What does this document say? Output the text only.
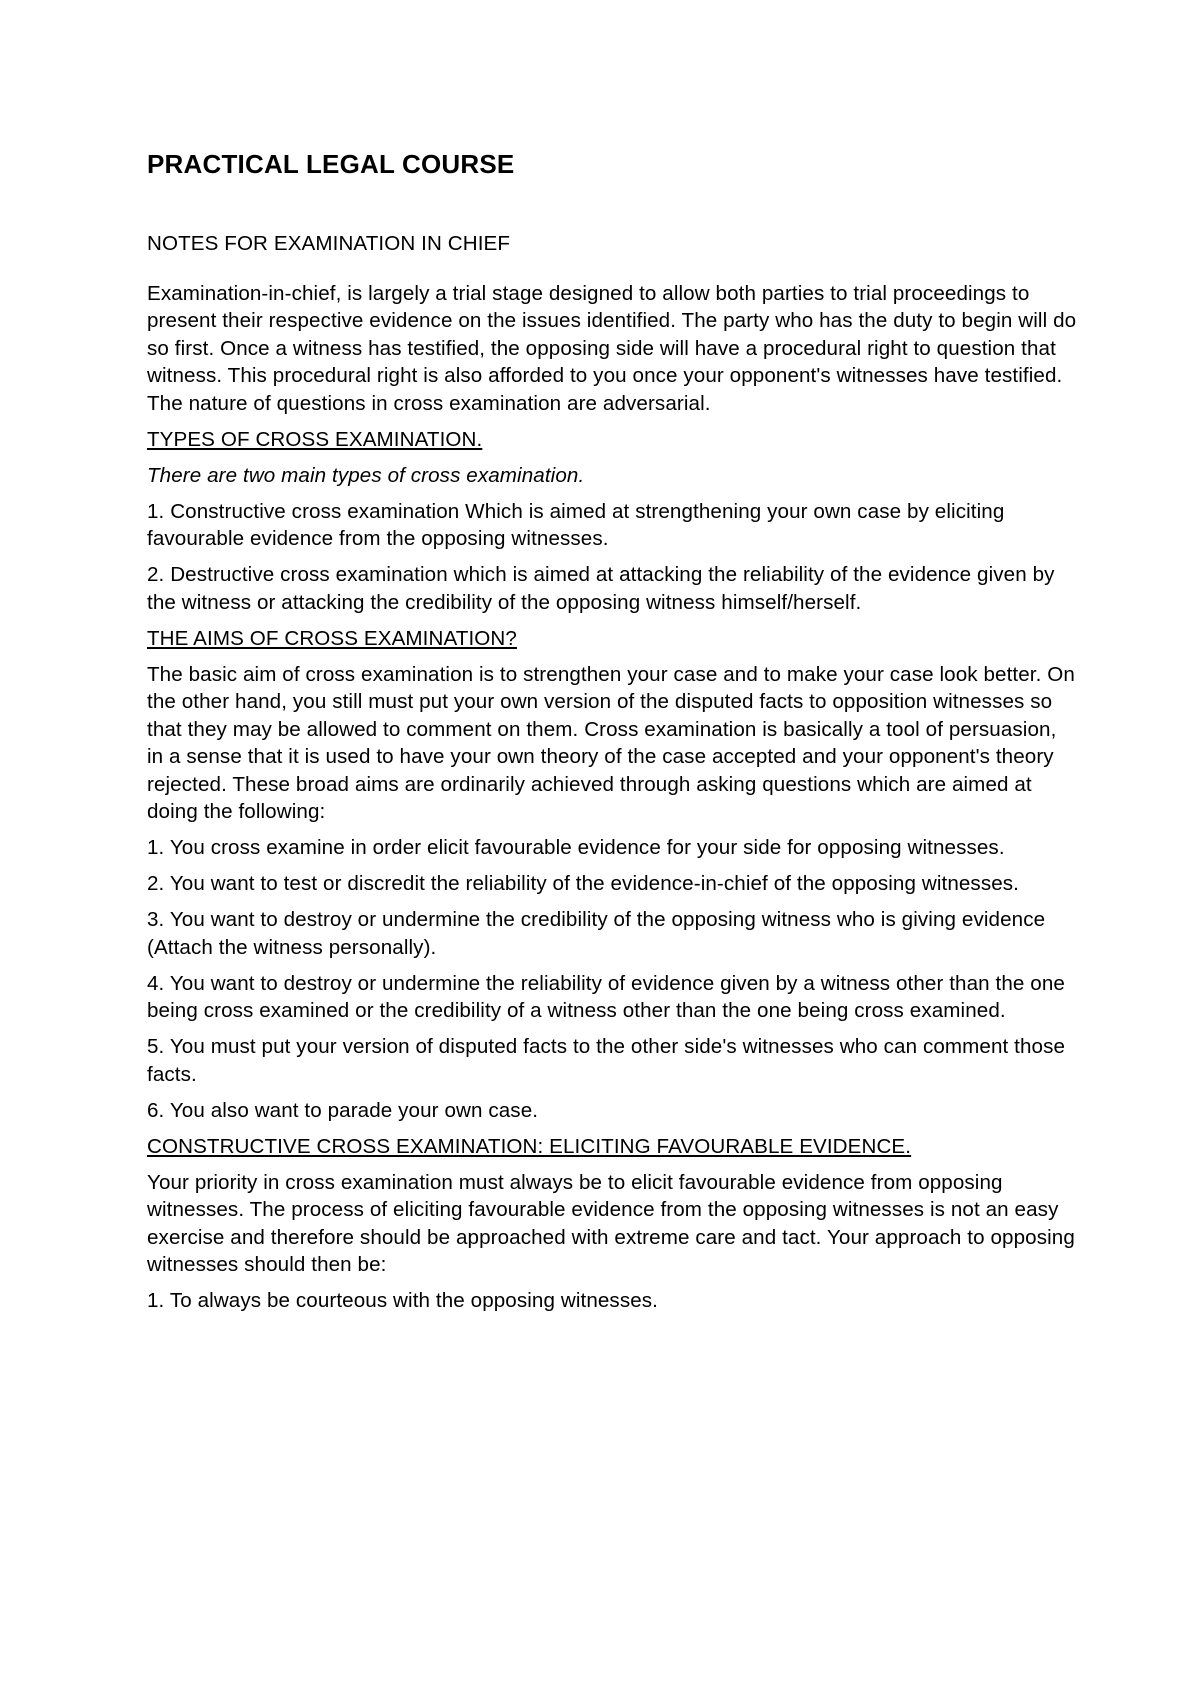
PRACTICAL LEGAL COURSE
NOTES FOR EXAMINATION IN CHIEF

Examination-in-chief, is largely a trial stage designed to allow both parties to trial proceedings to present their respective evidence on the issues identified. The party who has the duty to begin will do so first. Once a witness has testified, the opposing side will have a procedural right to question that witness. This procedural right is also afforded to you once your opponent's witnesses have testified. The nature of questions in cross examination are adversarial.

TYPES OF CROSS EXAMINATION.

There are two main types of cross examination.

1. Constructive cross examination Which is aimed at strengthening your own case by eliciting favourable evidence from the opposing witnesses.

2. Destructive cross examination which is aimed at attacking the reliability of the evidence given by the witness or attacking the credibility of the opposing witness himself/herself.

THE AIMS OF CROSS EXAMINATION?

The basic aim of cross examination is to strengthen your case and to make your case look better. On the other hand, you still must put your own version of the disputed facts to opposition witnesses so that they may be allowed to comment on them. Cross examination is basically a tool of persuasion, in a sense that it is used to have your own theory of the case accepted and your opponent's theory rejected. These broad aims are ordinarily achieved through asking questions which are aimed at doing the following:

1. You cross examine in order elicit favourable evidence for your side for opposing witnesses.

2. You want to test or discredit the reliability of the evidence-in-chief of the opposing witnesses.

3. You want to destroy or undermine the credibility of the opposing witness who is giving evidence (Attach the witness personally).

4. You want to destroy or undermine the reliability of evidence given by a witness other than the one being cross examined or the credibility of a witness other than the one being cross examined.

5. You must put your version of disputed facts to the other side's witnesses who can comment those facts.

6. You also want to parade your own case.

CONSTRUCTIVE CROSS EXAMINATION: ELICITING FAVOURABLE EVIDENCE.

Your priority in cross examination must always be to elicit favourable evidence from opposing witnesses. The process of eliciting favourable evidence from the opposing witnesses is not an easy exercise and therefore should be approached with extreme care and tact. Your approach to opposing witnesses should then be:

1. To always be courteous with the opposing witnesses.
